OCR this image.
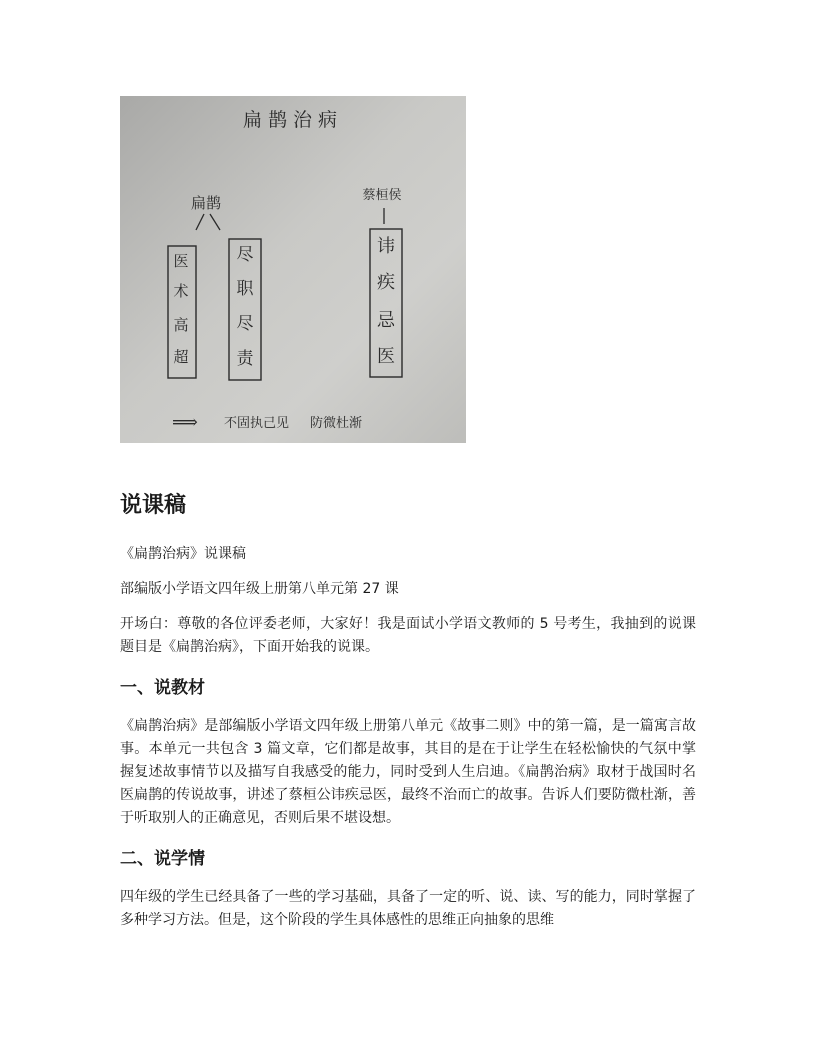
扁鹊治病
扁鹊	蔡桓侯
医
术
高
超
尽
职
尽
责
讳
疾
忌
医
⟹ 不固执己见 防微杜渐
说课稿

《扁鹊治病》说课稿

部编版小学语文四年级上册第八单元第 27 课

开场白：尊敬的各位评委老师，大家好！我是面试小学语文教师的 5 号考生，我抽到的说课题目是《扁鹊治病》，下面开始我的说课。

一、说教材

《扁鹊治病》是部编版小学语文四年级上册第八单元《故事二则》中的第一篇，是一篇寓言故事。本单元一共包含 3 篇文章，它们都是故事，其目的是在于让学生在轻松愉快的气氛中掌握复述故事情节以及描写自我感受的能力，同时受到人生启迪。《扁鹊治病》取材于战国时名医扁鹊的传说故事，讲述了蔡桓公讳疾忌医，最终不治而亡的故事。告诉人们要防微杜渐，善于听取别人的正确意见，否则后果不堪设想。

二、说学情

四年级的学生已经具备了一些的学习基础，具备了一定的听、说、读、写的能力，同时掌握了多种学习方法。但是，这个阶段的学生具体感性的思维正向抽象的思维
